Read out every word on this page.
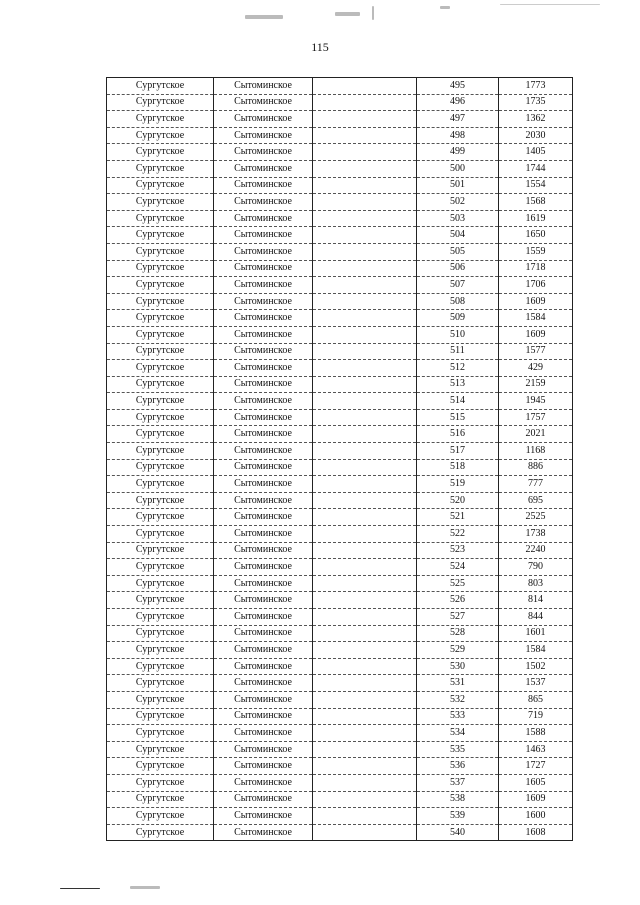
115
Сургутское	Сытоминское		495	1773
Сургутское	Сытоминское		496	1735
Сургутское	Сытоминское		497	1362
Сургутское	Сытоминское		498	2030
Сургутское	Сытоминское		499	1405
Сургутское	Сытоминское		500	1744
Сургутское	Сытоминское		501	1554
Сургутское	Сытоминское		502	1568
Сургутское	Сытоминское		503	1619
Сургутское	Сытоминское		504	1650
Сургутское	Сытоминское		505	1559
Сургутское	Сытоминское		506	1718
Сургутское	Сытоминское		507	1706
Сургутское	Сытоминское		508	1609
Сургутское	Сытоминское		509	1584
Сургутское	Сытоминское		510	1609
Сургутское	Сытоминское		511	1577
Сургутское	Сытоминское		512	429
Сургутское	Сытоминское		513	2159
Сургутское	Сытоминское		514	1945
Сургутское	Сытоминское		515	1757
Сургутское	Сытоминское		516	2021
Сургутское	Сытоминское		517	1168
Сургутское	Сытоминское		518	886
Сургутское	Сытоминское		519	777
Сургутское	Сытоминское		520	695
Сургутское	Сытоминское		521	2525
Сургутское	Сытоминское		522	1738
Сургутское	Сытоминское		523	2240
Сургутское	Сытоминское		524	790
Сургутское	Сытоминское		525	803
Сургутское	Сытоминское		526	814
Сургутское	Сытоминское		527	844
Сургутское	Сытоминское		528	1601
Сургутское	Сытоминское		529	1584
Сургутское	Сытоминское		530	1502
Сургутское	Сытоминское		531	1537
Сургутское	Сытоминское		532	865
Сургутское	Сытоминское		533	719
Сургутское	Сытоминское		534	1588
Сургутское	Сытоминское		535	1463
Сургутское	Сытоминское		536	1727
Сургутское	Сытоминское		537	1605
Сургутское	Сытоминское		538	1609
Сургутское	Сытоминское		539	1600
Сургутское	Сытоминское		540	1608
